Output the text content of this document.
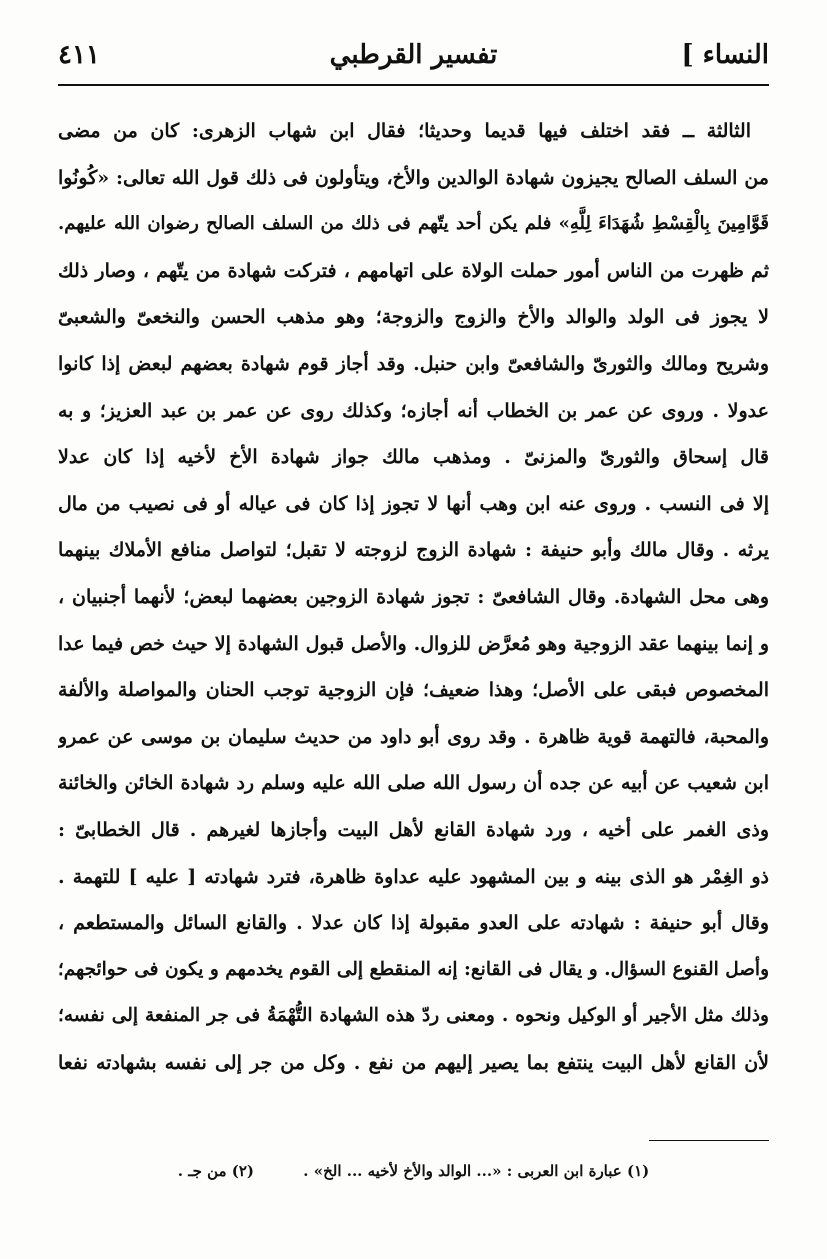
النساء ]
تفسير القرطبي
٤١١
الثالثة ــ فقد اختلف فيها قديما وحديثا؛ فقال ابن شهاب الزهرى: كان من مضى
من السلف الصالح يجيزون شهادة الوالدين والأخ، ويتأولون فى ذلك قول الله تعالى: «كُونُوا
قَوَّامِينَ بِالْقِسْطِ شُهَدَاءَ لِلَّهِ» فلم يكن أحد يتّهم فى ذلك من السلف الصالح رضوان الله عليهم.
ثم ظهرت من الناس أمور حملت الولاة على اتهامهم ، فتركت شهادة من يتّهم ، وصار ذلك
لا يجوز فى الولد والوالد والأخ والزوج والزوجة؛ وهو مذهب الحسن والنخعىّ والشعبىّ
وشريح ومالك والثورىّ والشافعىّ وابن حنبل. وقد أجاز قوم شهادة بعضهم لبعض إذا كانوا
عدولا . وروى عن عمر بن الخطاب أنه أجازه؛ وكذلك روى عن عمر بن عبد العزيز؛ و به
قال إسحاق والثورىّ والمزنىّ . ومذهب مالك جواز شهادة الأخ لأخيه إذا كان عدلا
إلا فى النسب . وروى عنه ابن وهب أنها لا تجوز إذا كان فى عياله أو فى نصيب من مال
يرثه . وقال مالك وأبو حنيفة : شهادة الزوج لزوجته لا تقبل؛ لتواصل منافع الأملاك بينهما
وهى محل الشهادة. وقال الشافعىّ : تجوز شهادة الزوجين بعضهما لبعض؛ لأنهما أجنبيان ،
و إنما بينهما عقد الزوجية وهو مُعرَّض للزوال. والأصل قبول الشهادة إلا حيث خص فيما عدا
المخصوص فبقى على الأصل؛ وهذا ضعيف؛ فإن الزوجية توجب الحنان والمواصلة والألفة
والمحبة، فالتهمة قوية ظاهرة . وقد روى أبو داود من حديث سليمان بن موسى عن عمرو
ابن شعيب عن أبيه عن جده أن رسول الله صلى الله عليه وسلم رد شهادة الخائن والخائنة
وذى الغمر على أخيه ، ورد شهادة القانع لأهل البيت وأجازها لغيرهم . قال الخطابىّ :
ذو الغِمْر هو الذى بينه و بين المشهود عليه عداوة ظاهرة، فترد شهادته [ عليه ] للتهمة .
وقال أبو حنيفة : شهادته على العدو مقبولة إذا كان عدلا . والقانع السائل والمستطعم ،
وأصل القنوع السؤال. و يقال فى القانع: إنه المنقطع إلى القوم يخدمهم و يكون فى حوائجهم؛
وذلك مثل الأجير أو الوكيل ونحوه . ومعنى ردّ هذه الشهادة التُّهْمَةُ فى جر المنفعة إلى نفسه؛
لأن القانع لأهل البيت ينتفع بما يصير إليهم من نفع . وكل من جر إلى نفسه بشهادته نفعا
(١) عبارة ابن العربى : «... الوالد والأخ لأخيه ... الخ» . (٢) من جـ .
